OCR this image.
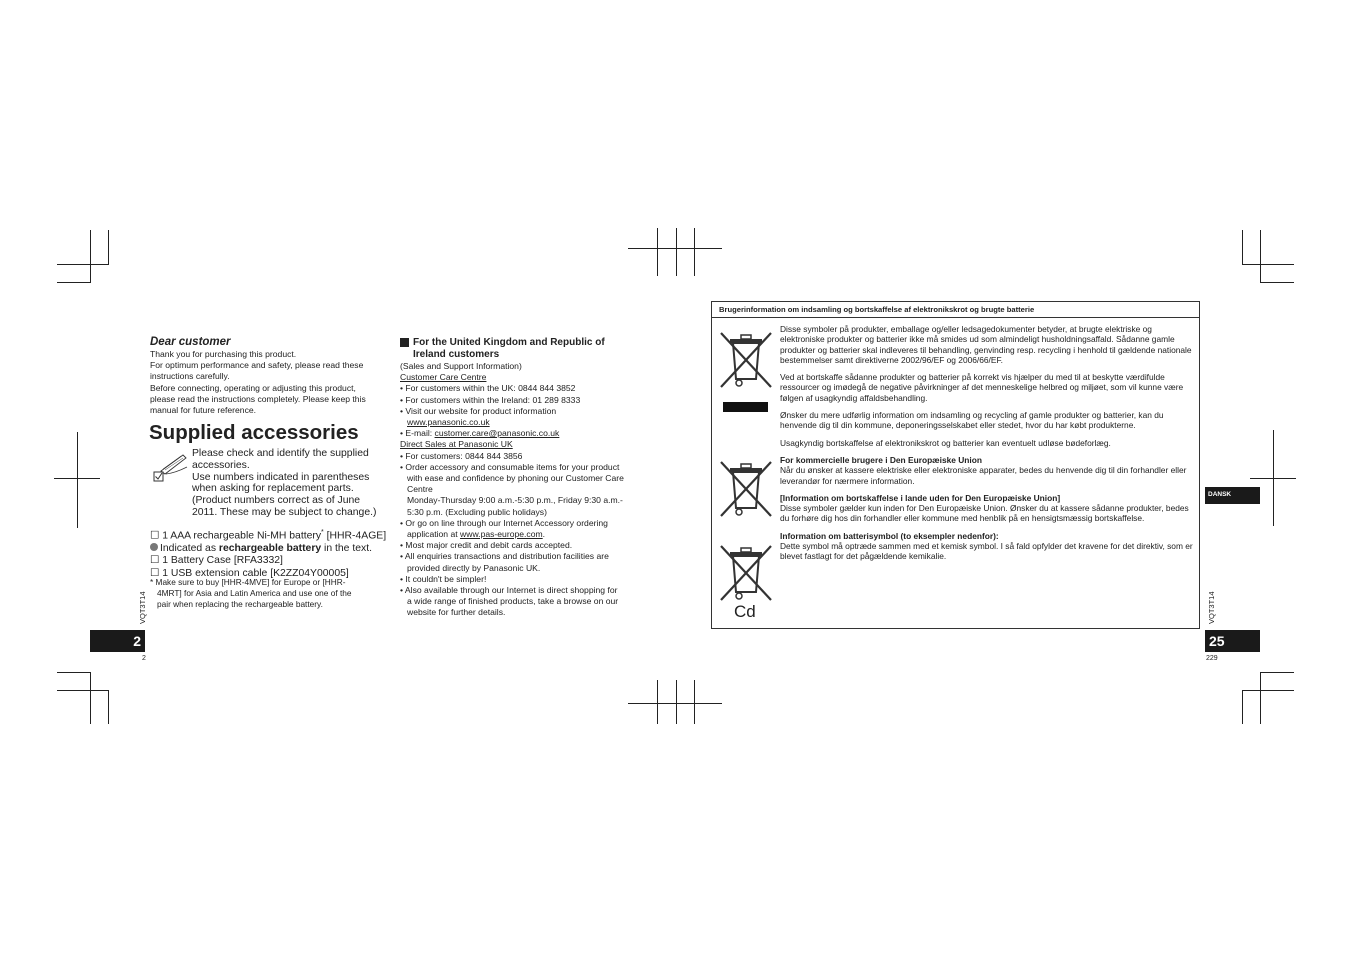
Dear customer
Thank you for purchasing this product.
For optimum performance and safety, please read these
instructions carefully.
Before connecting, operating or adjusting this product,
please read the instructions completely. Please keep this
manual for future reference.
Supplied accessories
Please check and identify the supplied
accessories.
Use numbers indicated in parentheses
when asking for replacement parts.
(Product numbers correct as of June
2011. These may be subject to change.)
☐ 1 AAA rechargeable Ni-MH battery* [HHR-4AGE]
Indicated as rechargeable battery in the text.
☐ 1 Battery Case [RFA3332]
☐ 1 USB extension cable [K2ZZ04Y00005]
* Make sure to buy [HHR-4MVE] for Europe or [HHR-
4MRT] for Asia and Latin America and use one of the
pair when replacing the rechargeable battery.
VQT3T14
2
2
For the United Kingdom and Republic of
Ireland customers
(Sales and Support Information)
Customer Care Centre
• For customers within the UK: 0844 844 3852
• For customers within the Ireland: 01 289 8333
• Visit our website for product information
www.panasonic.co.uk
• E-mail: customer.care@panasonic.co.uk
Direct Sales at Panasonic UK
• For customers: 0844 844 3856
• Order accessory and consumable items for your product
with ease and confidence by phoning our Customer Care
Centre
Monday-Thursday 9:00 a.m.-5:30 p.m., Friday 9:30 a.m.-
5:30 p.m. (Excluding public holidays)
• Or go on line through our Internet Accessory ordering
application at www.pas-europe.com.
• Most major credit and debit cards accepted.
• All enquiries transactions and distribution facilities are
provided directly by Panasonic UK.
• It couldn't be simpler!
• Also available through our Internet is direct shopping for
a wide range of finished products, take a browse on our
website for further details.
Brugerinformation om indsamling og bortskaffelse af elektronikskrot og brugte batterie
Cd

Disse symboler på produkter, emballage og/eller ledsagedokumenter betyder, at brugte elektriske og elektroniske produkter og batterier ikke må smides ud som almindeligt husholdningsaffald. Sådanne gamle produkter og batterier skal indleveres til behandling, genvinding resp. recycling i henhold til gældende nationale bestemmelser samt direktiverne 2002/96/EF og 2006/66/EF.

Ved at bortskaffe sådanne produkter og batterier på korrekt vis hjælper du med til at beskytte værdifulde ressourcer og imødegå de negative påvirkninger af det menneskelige helbred og miljøet, som vil kunne være følgen af usagkyndig affaldsbehandling.

Ønsker du mere udførlig information om indsamling og recycling af gamle produkter og batterier, kan du henvende dig til din kommune, deponeringsselskabet eller stedet, hvor du har købt produkterne.

Usagkyndig bortskaffelse af elektronikskrot og batterier kan eventuelt udløse bødeforlæg.

For kommercielle brugere i Den Europæiske Union

Når du ønsker at kassere elektriske eller elektroniske apparater, bedes du henvende dig til din forhandler eller leverandør for nærmere information.

[Information om bortskaffelse i lande uden for Den Europæiske Union]

Disse symboler gælder kun inden for Den Europæiske Union. Ønsker du at kassere sådanne produkter, bedes du forhøre dig hos din forhandler eller kommune med henblik på en hensigtsmæssig bortskaffelse.

Information om batterisymbol (to eksempler nedenfor):

Dette symbol må optræde sammen med et kemisk symbol. I så fald opfylder det kravene for det direktiv, som er blevet fastlagt for det pågældende kemikalie.

DANSK
VQT3T14
25
229
